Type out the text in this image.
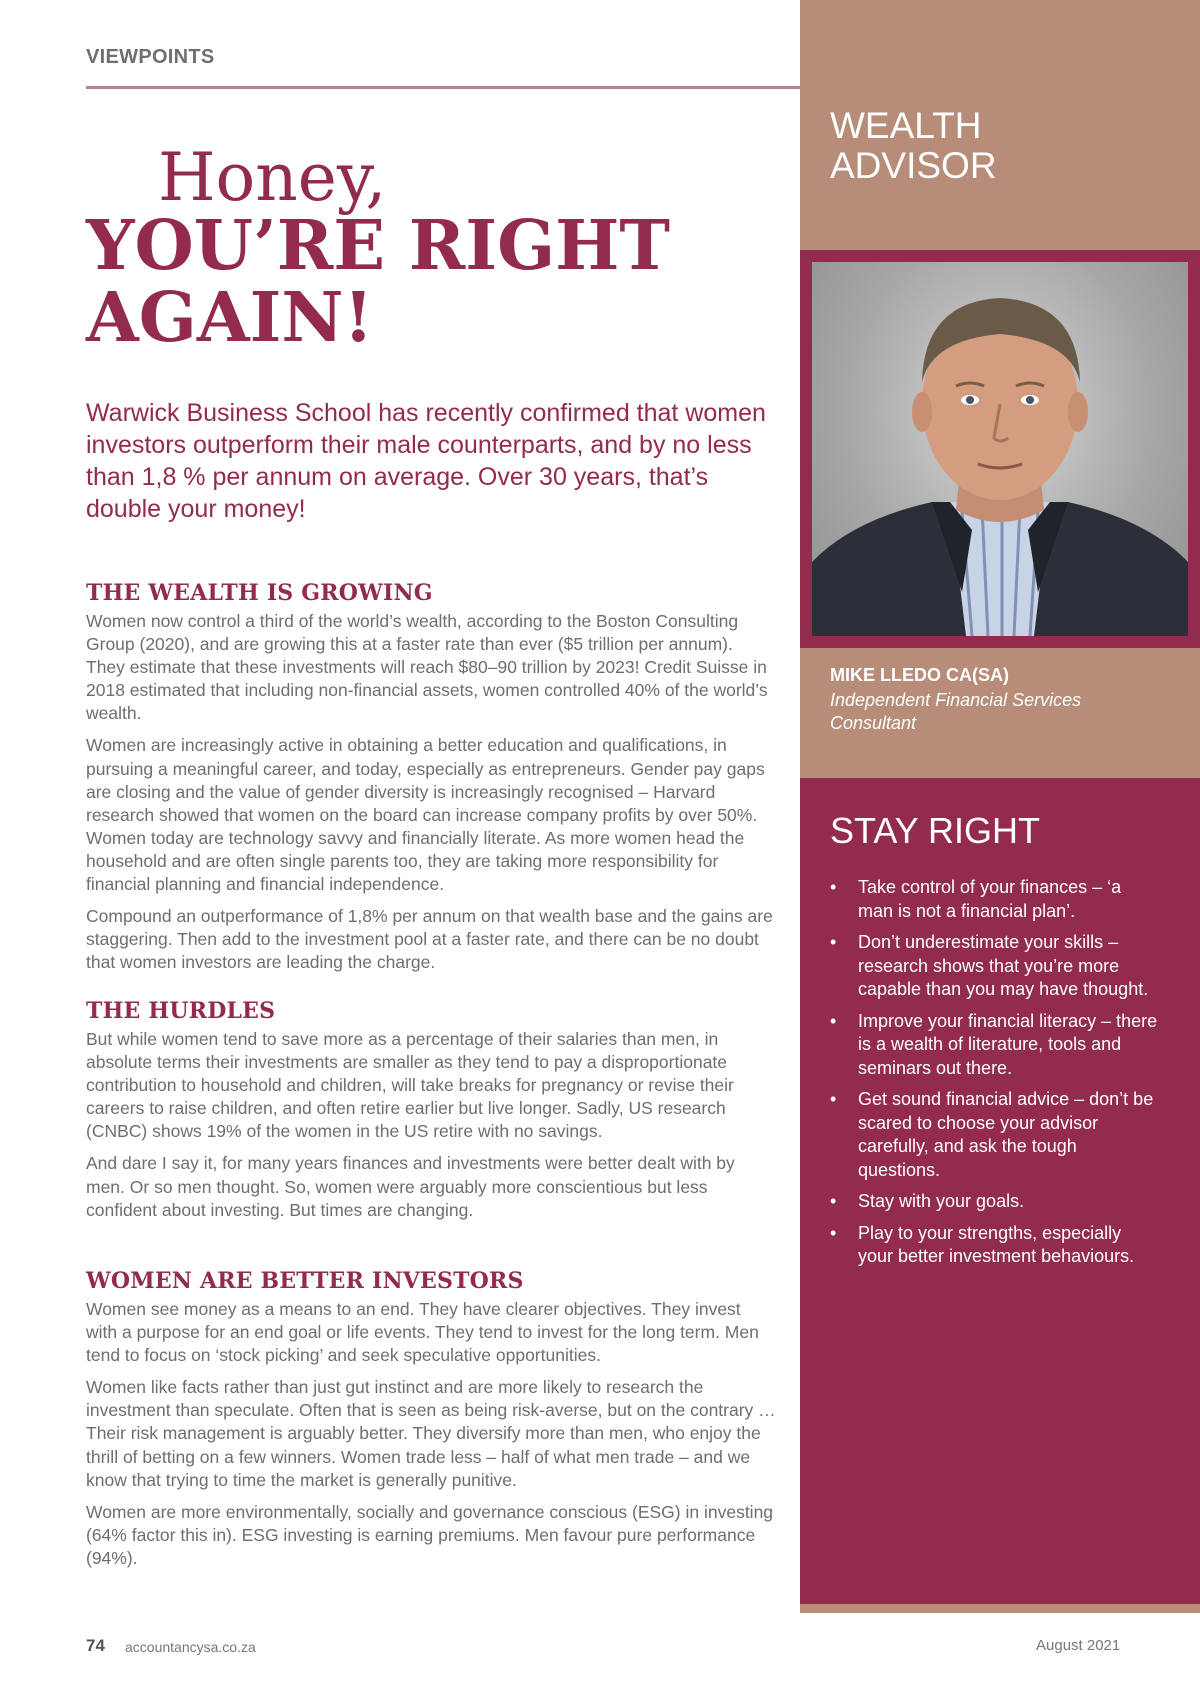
VIEWPOINTS
WEALTH
ADVISOR
MIKE LLEDO CA(SA)
Independent Financial Services Consultant
STAY RIGHT
• Take control of your finances – ‘a man is not a financial plan’.
• Don’t underestimate your skills – research shows that you’re more capable than you may have thought.
• Improve your financial literacy – there is a wealth of literature, tools and seminars out there.
• Get sound financial advice – don’t be scared to choose your advisor carefully, and ask the tough questions.
• Stay with your goals.
• Play to your strengths, especially your better investment behaviours.
Honey,
YOU’RE RIGHT AGAIN!
Warwick Business School has recently confirmed that women investors outperform their male counterparts, and by no less than 1,8 % per annum on average. Over 30 years, that’s double your money!
THE WEALTH IS GROWING

Women now control a third of the world’s wealth, according to the Boston Consulting Group (2020), and are growing this at a faster rate than ever ($5 trillion per annum). They estimate that these investments will reach $80–90 trillion by 2023! Credit Suisse in 2018 estimated that including non-financial assets, women controlled 40% of the world’s wealth.

Women are increasingly active in obtaining a better education and qualifications, in pursuing a meaningful career, and today, especially as entrepreneurs. Gender pay gaps are closing and the value of gender diversity is increasingly recognised – Harvard research showed that women on the board can increase company profits by over 50%. Women today are technology savvy and financially literate. As more women head the household and are often single parents too, they are taking more responsibility for financial planning and financial independence.

Compound an outperformance of 1,8% per annum on that wealth base and the gains are staggering. Then add to the investment pool at a faster rate, and there can be no doubt that women investors are leading the charge.

THE HURDLES

But while women tend to save more as a percentage of their salaries than men, in absolute terms their investments are smaller as they tend to pay a disproportionate contribution to household and children, will take breaks for pregnancy or revise their careers to raise children, and often retire earlier but live longer. Sadly, US research (CNBC) shows 19% of the women in the US retire with no savings.

And dare I say it, for many years finances and investments were better dealt with by men. Or so men thought. So, women were arguably more conscientious but less confident about investing. But times are changing.

WOMEN ARE BETTER INVESTORS

Women see money as a means to an end. They have clearer objectives. They invest with a purpose for an end goal or life events. They tend to invest for the long term. Men tend to focus on ‘stock picking’ and seek speculative opportunities.

Women like facts rather than just gut instinct and are more likely to research the investment than speculate. Often that is seen as being risk-averse, but on the contrary … Their risk management is arguably better. They diversify more than men, who enjoy the thrill of betting on a few winners. Women trade less – half of what men trade – and we know that trying to time the market is generally punitive.

Women are more environmentally, socially and governance conscious (ESG) in investing (64% factor this in). ESG investing is earning premiums. Men favour pure performance (94%).

74 accountancysa.co.za	August 2021
